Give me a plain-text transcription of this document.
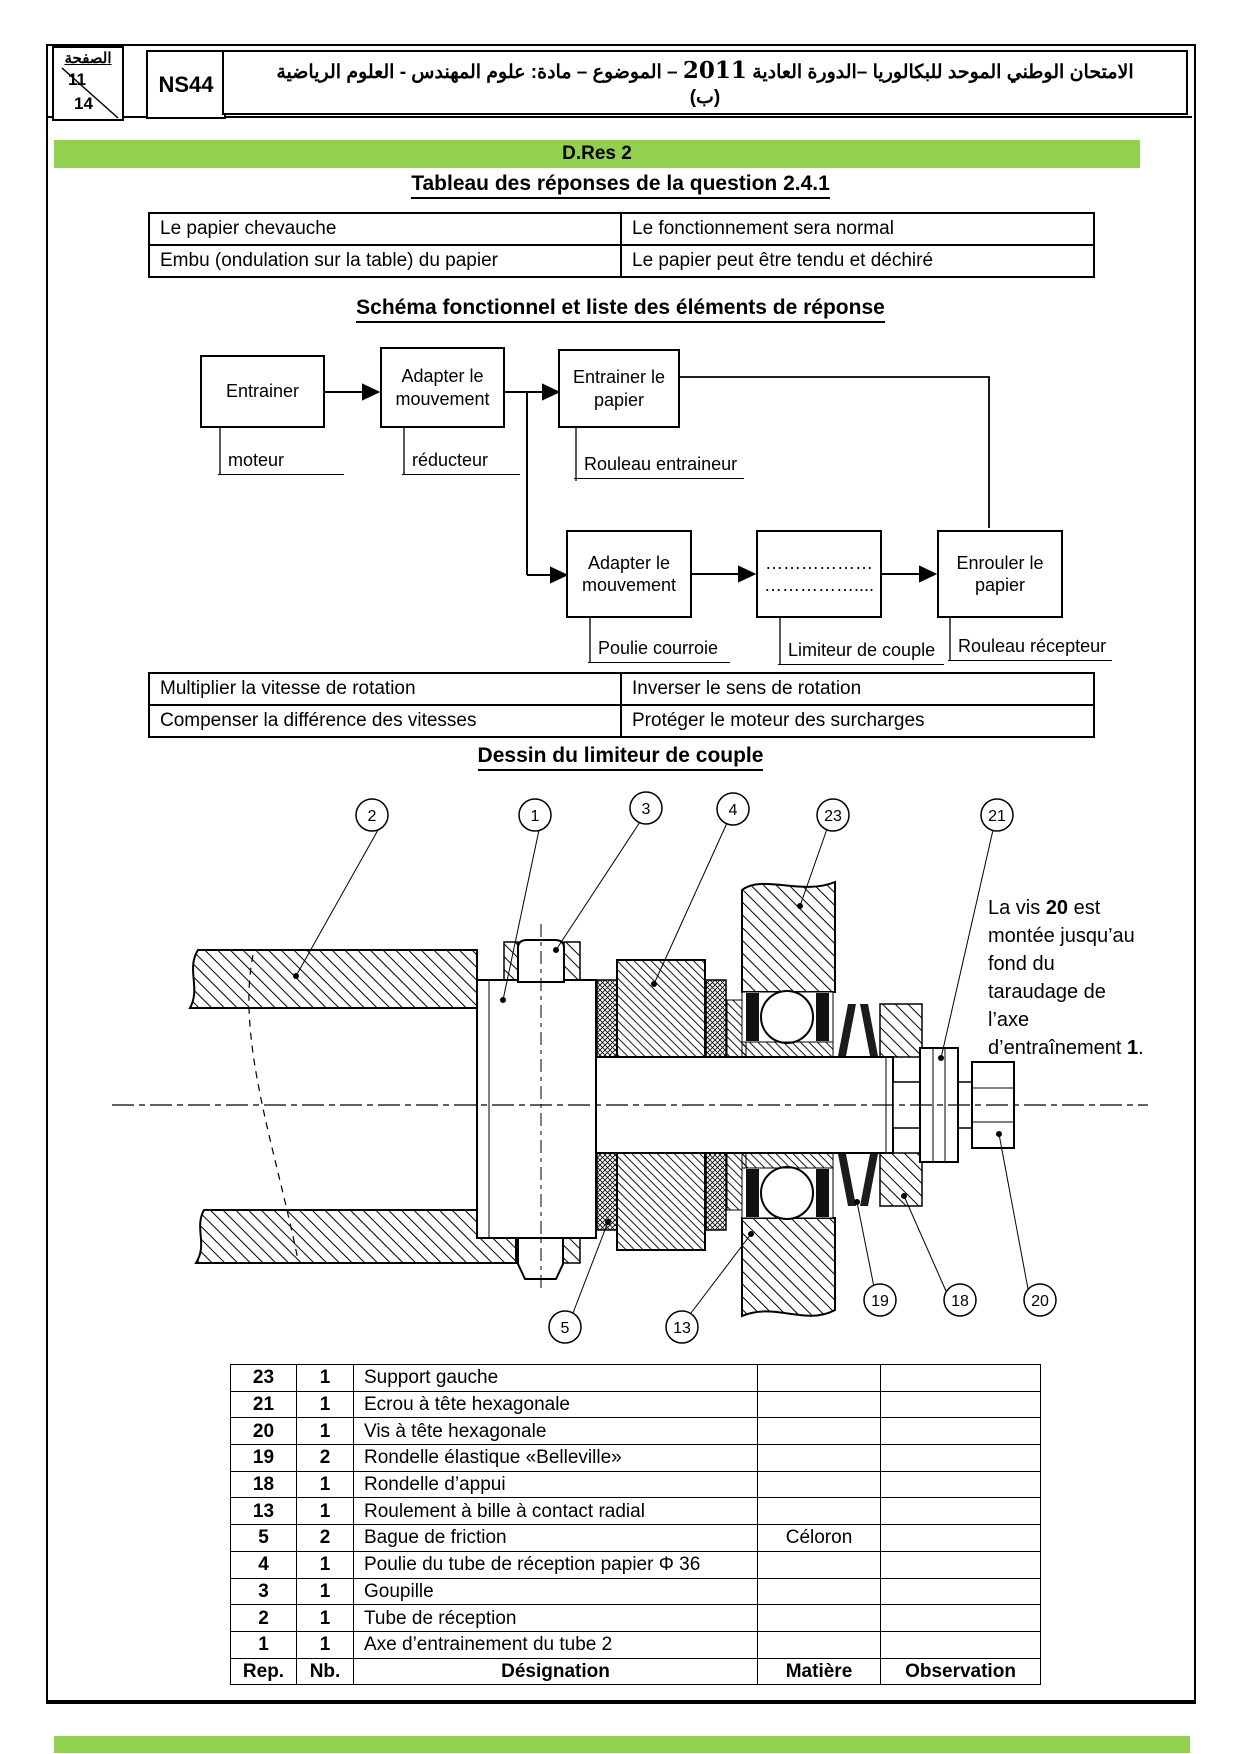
الصفحة
11
14
NS44	الامتحان الوطني الموحد للبكالوريا –الدورة العادية 2011 – الموضوع – مادة: علوم المهندس - العلوم الرياضية
(ب)
D.Res 2
Tableau des réponses de la question 2.4.1
Le papier chevauche	Le fonctionnement sera normal
Embu (ondulation sur la table) du papier	Le papier peut être tendu et déchiré
Schéma fonctionnel et liste des éléments de réponse
Entrainer
Adapter le mouvement
Entrainer le papier
Adapter le mouvement
………………
……………....
Enrouler le papier
moteur	réducteur	Rouleau entraineur
Poulie courroie	Limiteur de couple	Rouleau récepteur
Multiplier la vitesse de rotation	Inverser le sens de rotation
Compenser la différence des vitesses	Protéger le moteur des surcharges
Dessin du limiteur de couple
2	1	3	4	23	21
5	13
19	18	20
La vis 20 est montée jusqu’au fond du taraudage de l’axe d’entraînement 1.
23	1	Support gauche		
21	1	Ecrou à tête hexagonale		
20	1	Vis à tête hexagonale		
19	2	Rondelle élastique «Belleville»		
18	1	Rondelle d’appui		
13	1	Roulement à bille à contact radial		
5	2	Bague de friction	Céloron	
4	1	Poulie du tube de réception papier Φ 36		
3	1	Goupille		
2	1	Tube de réception		
1	1	Axe d’entrainement du tube 2		
Rep.	Nb.	Désignation	Matière	Observation
